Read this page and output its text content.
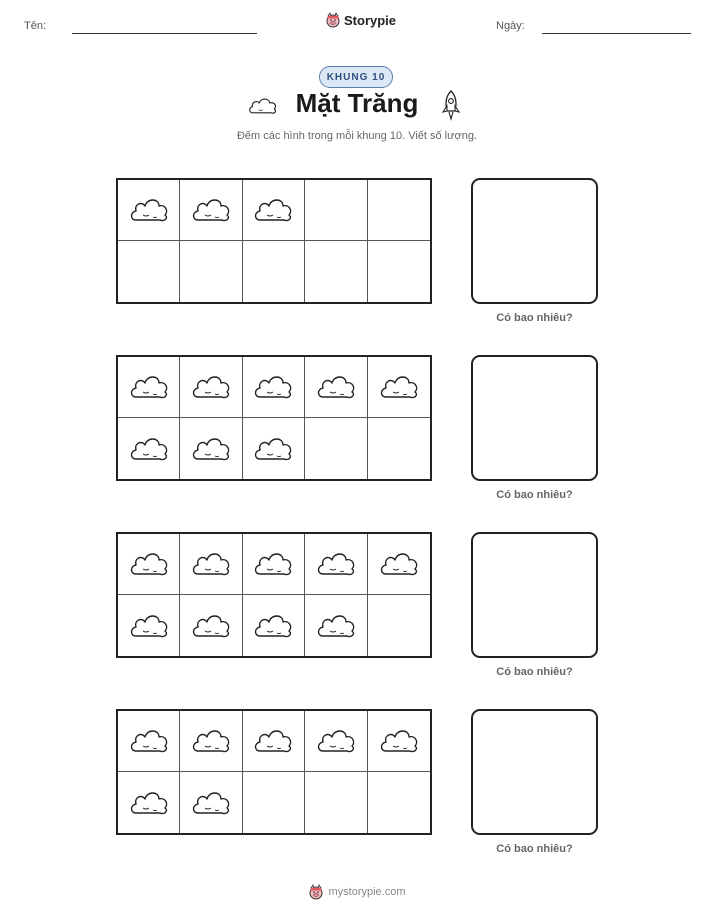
Tên:	Storypie	Ngày:
KHUNG 10
Mặt Trăng
Đếm các hình trong mỗi khung 10. Viết số lượng.
Có bao nhiêu?
Có bao nhiêu?
Có bao nhiêu?
Có bao nhiêu?
mystorypie.com
